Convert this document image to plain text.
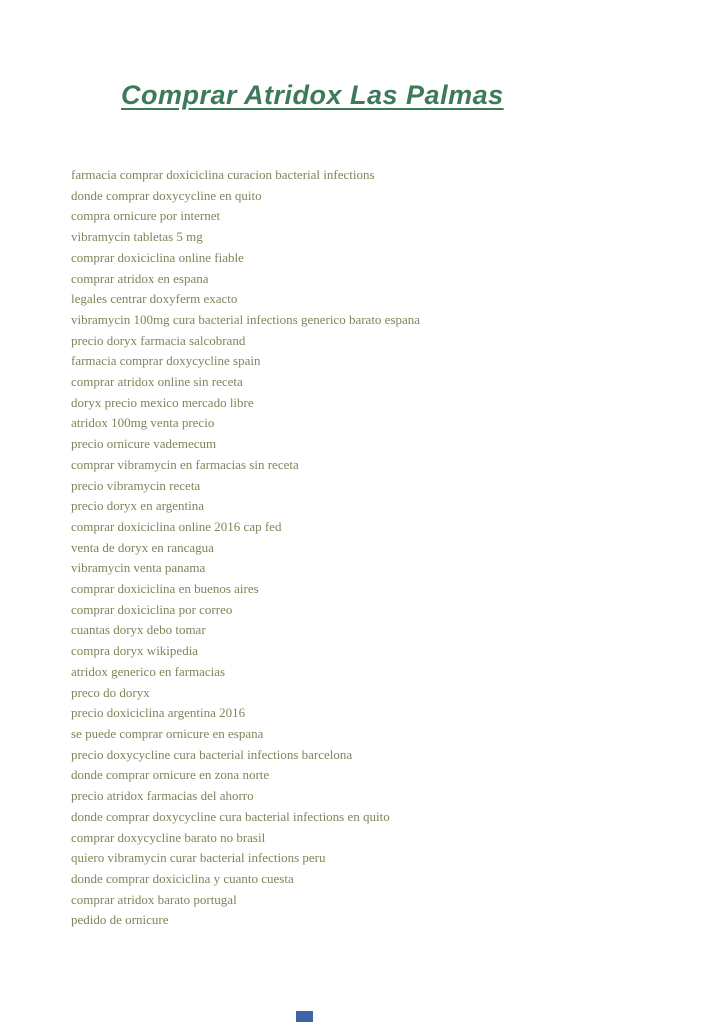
Comprar Atridox Las Palmas

farmacia comprar doxiciclina curacion bacterial infections

donde comprar doxycycline en quito

compra ornicure por internet

vibramycin tabletas 5 mg

comprar doxiciclina online fiable

comprar atridox en espana

legales centrar doxyferm exacto

vibramycin 100mg cura bacterial infections generico barato espana

precio doryx farmacia salcobrand

farmacia comprar doxycycline spain

comprar atridox online sin receta

doryx precio mexico mercado libre

atridox 100mg venta precio

precio ornicure vademecum

comprar vibramycin en farmacias sin receta

precio vibramycin receta

precio doryx en argentina

comprar doxiciclina online 2016 cap fed

venta de doryx en rancagua

vibramycin venta panama

comprar doxiciclina en buenos aires

comprar doxiciclina por correo

cuantas doryx debo tomar

compra doryx wikipedia

atridox generico en farmacias

preco do doryx

precio doxiciclina argentina 2016

se puede comprar ornicure en espana

precio doxycycline cura bacterial infections barcelona

donde comprar ornicure en zona norte

precio atridox farmacias del ahorro

donde comprar doxycycline cura bacterial infections en quito

comprar doxycycline barato no brasil

quiero vibramycin curar bacterial infections peru

donde comprar doxiciclina y cuanto cuesta

comprar atridox barato portugal

pedido de ornicure
